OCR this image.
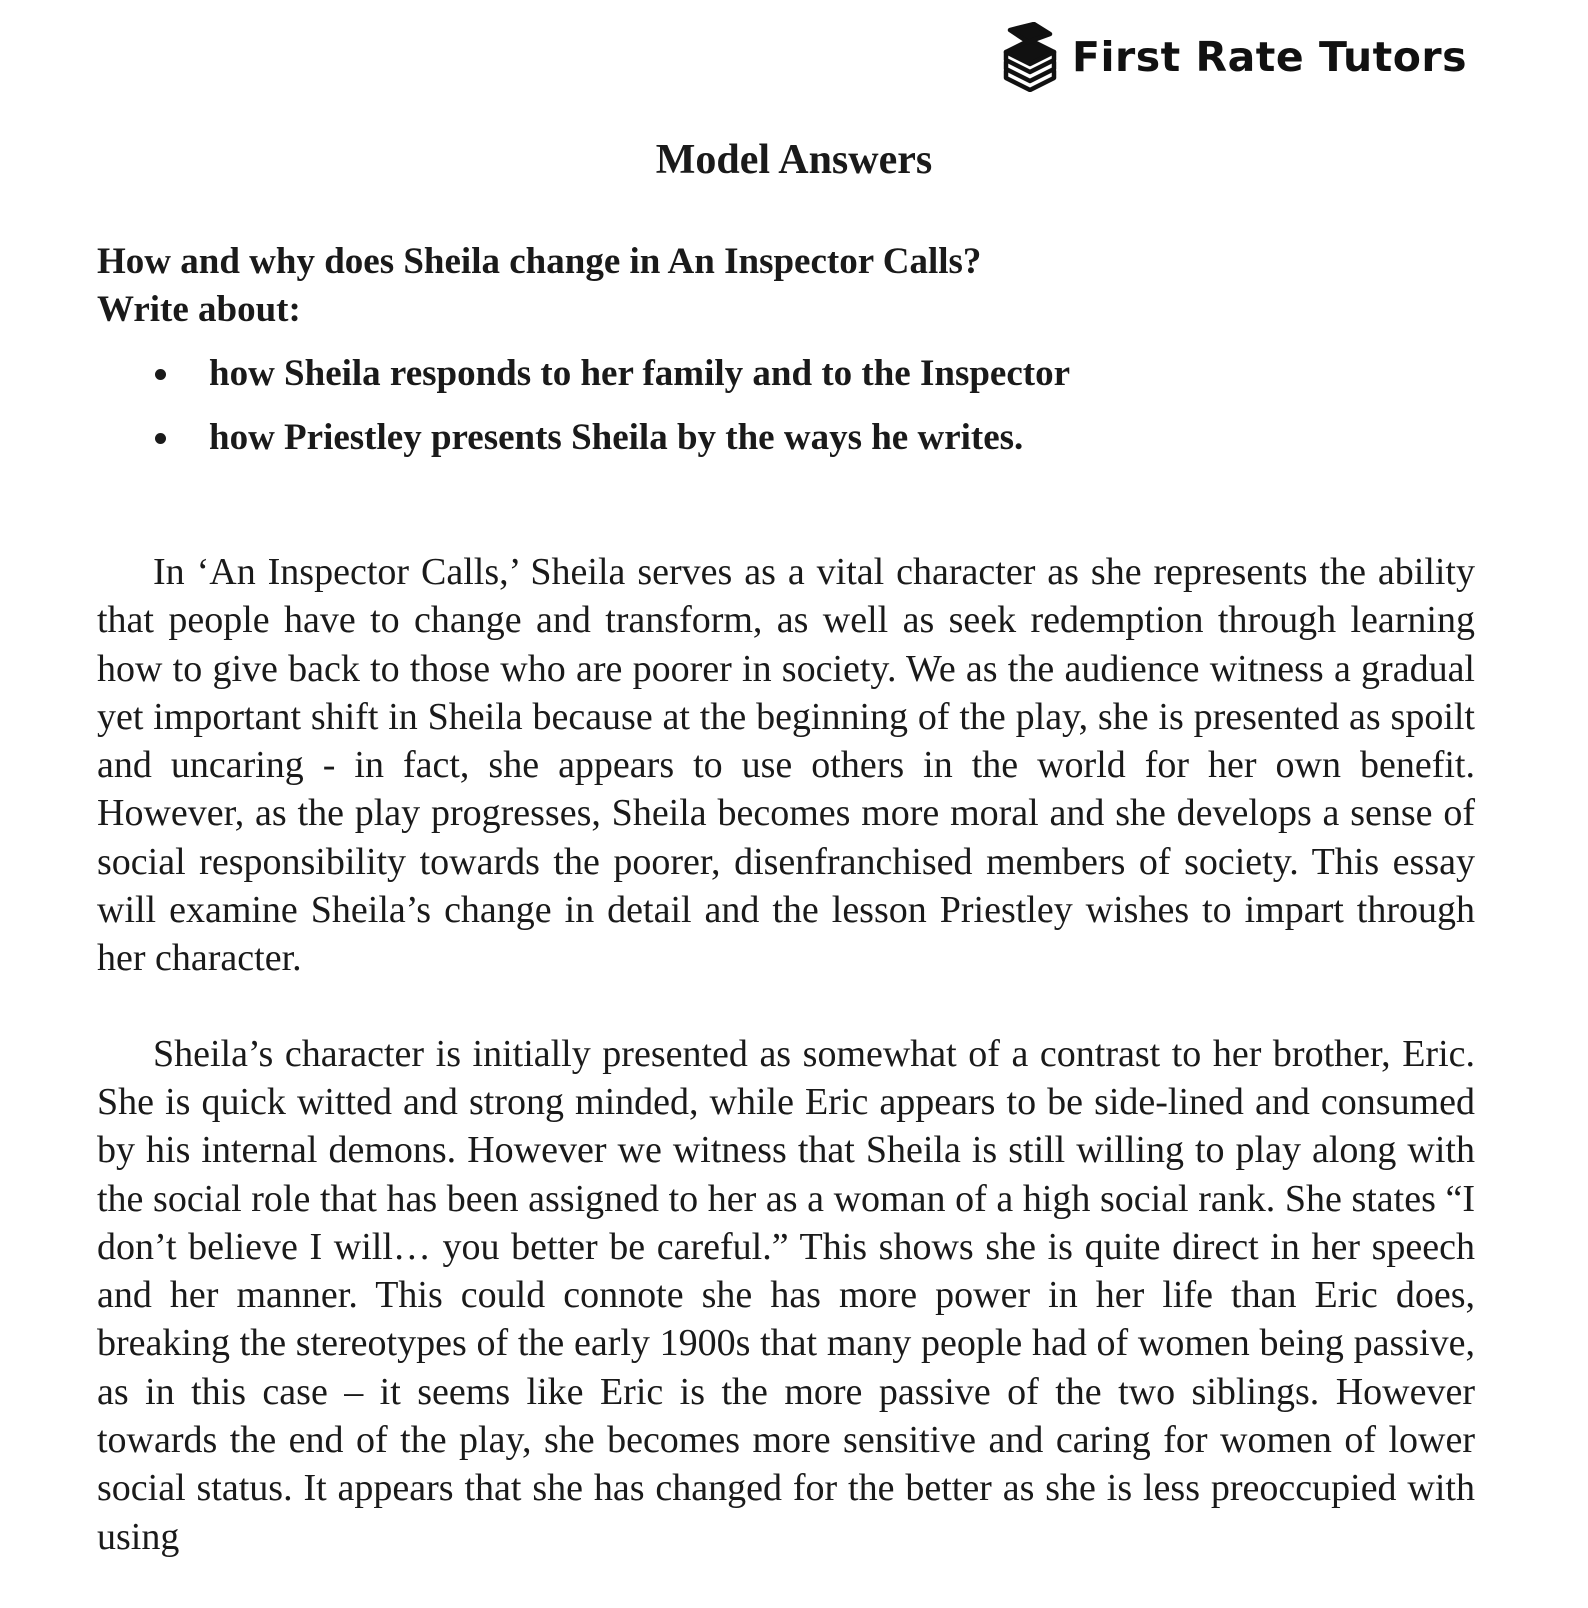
First Rate Tutors
Model Answers

How and why does Sheila change in An Inspector Calls?

Write about:

how Sheila responds to her family and to the Inspector
how Priestley presents Sheila by the ways he writes.

In ‘An Inspector Calls,’ Sheila serves as a vital character as she represents the ability that people have to change and transform, as well as seek redemption through learning how to give back to those who are poorer in society. We as the audience witness a gradual yet important shift in Sheila because at the beginning of the play, she is presented as spoilt and uncaring - in fact, she appears to use others in the world for her own benefit. However, as the play progresses, Sheila becomes more moral and she develops a sense of social responsibility towards the poorer, disenfranchised members of society. This essay will examine Sheila’s change in detail and the lesson Priestley wishes to impart through her character.

Sheila’s character is initially presented as somewhat of a contrast to her brother, Eric. She is quick witted and strong minded, while Eric appears to be side-lined and consumed by his internal demons. However we witness that Sheila is still willing to play along with the social role that has been assigned to her as a woman of a high social rank. She states “I don’t believe I will… you better be careful.” This shows she is quite direct in her speech and her manner. This could connote she has more power in her life than Eric does, breaking the stereotypes of the early 1900s that many people had of women being passive, as in this case – it seems like Eric is the more passive of the two siblings. However towards the end of the play, she becomes more sensitive and caring for women of lower social status. It appears that she has changed for the better as she is less preoccupied with using
